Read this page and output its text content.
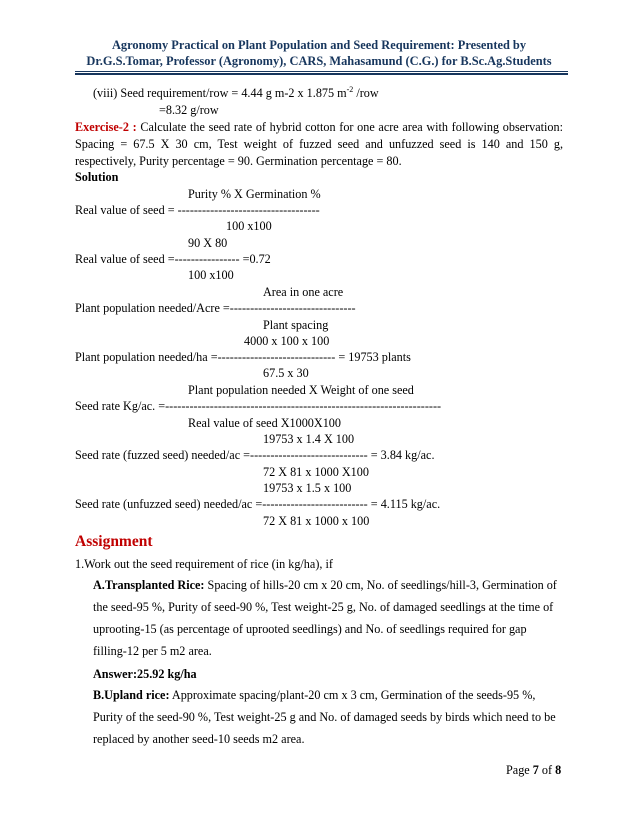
Agronomy Practical on Plant Population and Seed Requirement: Presented by
Dr.G.S.Tomar, Professor (Agronomy), CARS, Mahasamund (C.G.) for B.Sc.Ag.Students
(viii) Seed requirement/row = 4.44 g m-2 x 1.875 $m^{-2}$ /row
=8.32 g/row
Exercise-2 : Calculate the seed rate of hybrid cotton for one acre area with following observation: Spacing = 67.5 X 30 cm, Test weight of fuzzed seed and unfuzzed seed is 140 and 150 g, respectively, Purity percentage = 90. Germination percentage = 80.
Solution
Purity % X Germination %
Real value of seed = -----------------------------------
100 x100
90 X 80
Real value of seed =---------------- =0.72
100 x100
Area in one acre
Plant population needed/Acre =-------------------------------
Plant spacing
4000 x 100 x 100
Plant population needed/ha =----------------------------- = 19753 plants
67.5 x 30
Plant population needed X Weight of one seed
Seed rate Kg/ac. =--------------------------------------------------------------------
Real value of seed X1000X100
19753 x 1.4 X 100
Seed rate (fuzzed seed) needed/ac =----------------------------- = 3.84 kg/ac.
72 X 81 x 1000 X100
19753 x 1.5 x 100
Seed rate (unfuzzed seed) needed/ac =-------------------------- = 4.115 kg/ac.
72 X 81 x 1000 x 100
Assignment
1.Work out the seed requirement of rice (in kg/ha), if
A.Transplanted Rice: Spacing of hills-20 cm x 20 cm, No. of seedlings/hill-3, Germination of the seed-95 %, Purity of seed-90 %, Test weight-25 g, No. of damaged seedlings at the time of uprooting-15 (as percentage of uprooted seedlings) and No. of seedlings required for gap filling-12 per 5 m2 area.
Answer:25.92 kg/ha
B.Upland rice: Approximate spacing/plant-20 cm x 3 cm, Germination of the seeds-95 %, Purity of the seed-90 %, Test weight-25 g and No. of damaged seeds by birds which need to be replaced by another seed-10 seeds m2 area.
Page 7 of 8
